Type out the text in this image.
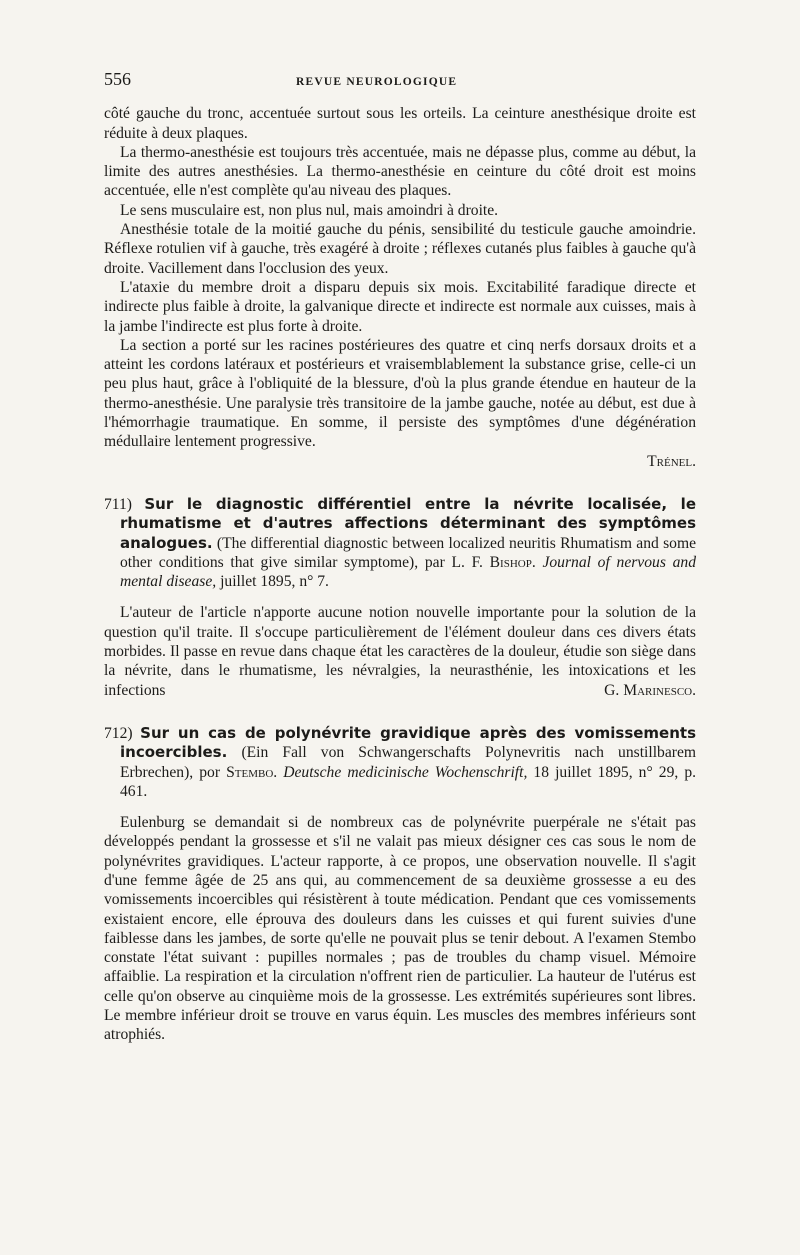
556	REVUE NEUROLOGIQUE

côté gauche du tronc, accentuée surtout sous les orteils. La ceinture anesthésique droite est réduite à deux plaques.

La thermo-anesthésie est toujours très accentuée, mais ne dépasse plus, comme au début, la limite des autres anesthésies. La thermo-anesthésie en ceinture du côté droit est moins accentuée, elle n'est complète qu'au niveau des plaques.

Le sens musculaire est, non plus nul, mais amoindri à droite.

Anesthésie totale de la moitié gauche du pénis, sensibilité du testicule gauche amoindrie. Réflexe rotulien vif à gauche, très exagéré à droite ; réflexes cutanés plus faibles à gauche qu'à droite. Vacillement dans l'occlusion des yeux.

L'ataxie du membre droit a disparu depuis six mois. Excitabilité faradique directe et indirecte plus faible à droite, la galvanique directe et indirecte est normale aux cuisses, mais à la jambe l'indirecte est plus forte à droite.

La section a porté sur les racines postérieures des quatre et cinq nerfs dorsaux droits et a atteint les cordons latéraux et postérieurs et vraisemblablement la substance grise, celle-ci un peu plus haut, grâce à l'obliquité de la blessure, d'où la plus grande étendue en hauteur de la thermo-anesthésie. Une paralysie très transitoire de la jambe gauche, notée au début, est due à l'hémorrhagie traumatique. En somme, il persiste des symptômes d'une dégénération médullaire lentement progressive.

Trénel.

711) Sur le diagnostic différentiel entre la névrite localisée, le rhumatisme et d'autres affections déterminant des symptômes analogues. (The differential diagnostic between localized neuritis Rhumatism and some other conditions that give similar symptome), par L. F. Bishop. Journal of nervous and mental disease, juillet 1895, n° 7.

L'auteur de l'article n'apporte aucune notion nouvelle importante pour la solution de la question qu'il traite. Il s'occupe particulièrement de l'élément douleur dans ces divers états morbides. Il passe en revue dans chaque état les caractères de la douleur, étudie son siège dans la névrite, dans le rhumatisme, les névralgies, la neurasthénie, les intoxications et les infections	G. Marinesco.

712) Sur un cas de polynévrite gravidique après des vomissements incoercibles. (Ein Fall von Schwangerschafts Polynevritis nach unstillbarem Erbrechen), por Stembo. Deutsche medicinische Wochenschrift, 18 juillet 1895, n° 29, p. 461.

Eulenburg se demandait si de nombreux cas de polynévrite puerpérale ne s'était pas développés pendant la grossesse et s'il ne valait pas mieux désigner ces cas sous le nom de polynévrites gravidiques. L'acteur rapporte, à ce propos, une observation nouvelle. Il s'agit d'une femme âgée de 25 ans qui, au commencement de sa deuxième grossesse a eu des vomissements incoercibles qui résistèrent à toute médication. Pendant que ces vomissements existaient encore, elle éprouva des douleurs dans les cuisses et qui furent suivies d'une faiblesse dans les jambes, de sorte qu'elle ne pouvait plus se tenir debout. A l'examen Stembo constate l'état suivant : pupilles normales ; pas de troubles du champ visuel. Mémoire affaiblie. La respiration et la circulation n'offrent rien de particulier. La hauteur de l'utérus est celle qu'on observe au cinquième mois de la grossesse. Les extrémités supérieures sont libres. Le membre inférieur droit se trouve en varus équin. Les muscles des membres inférieurs sont atrophiés.
